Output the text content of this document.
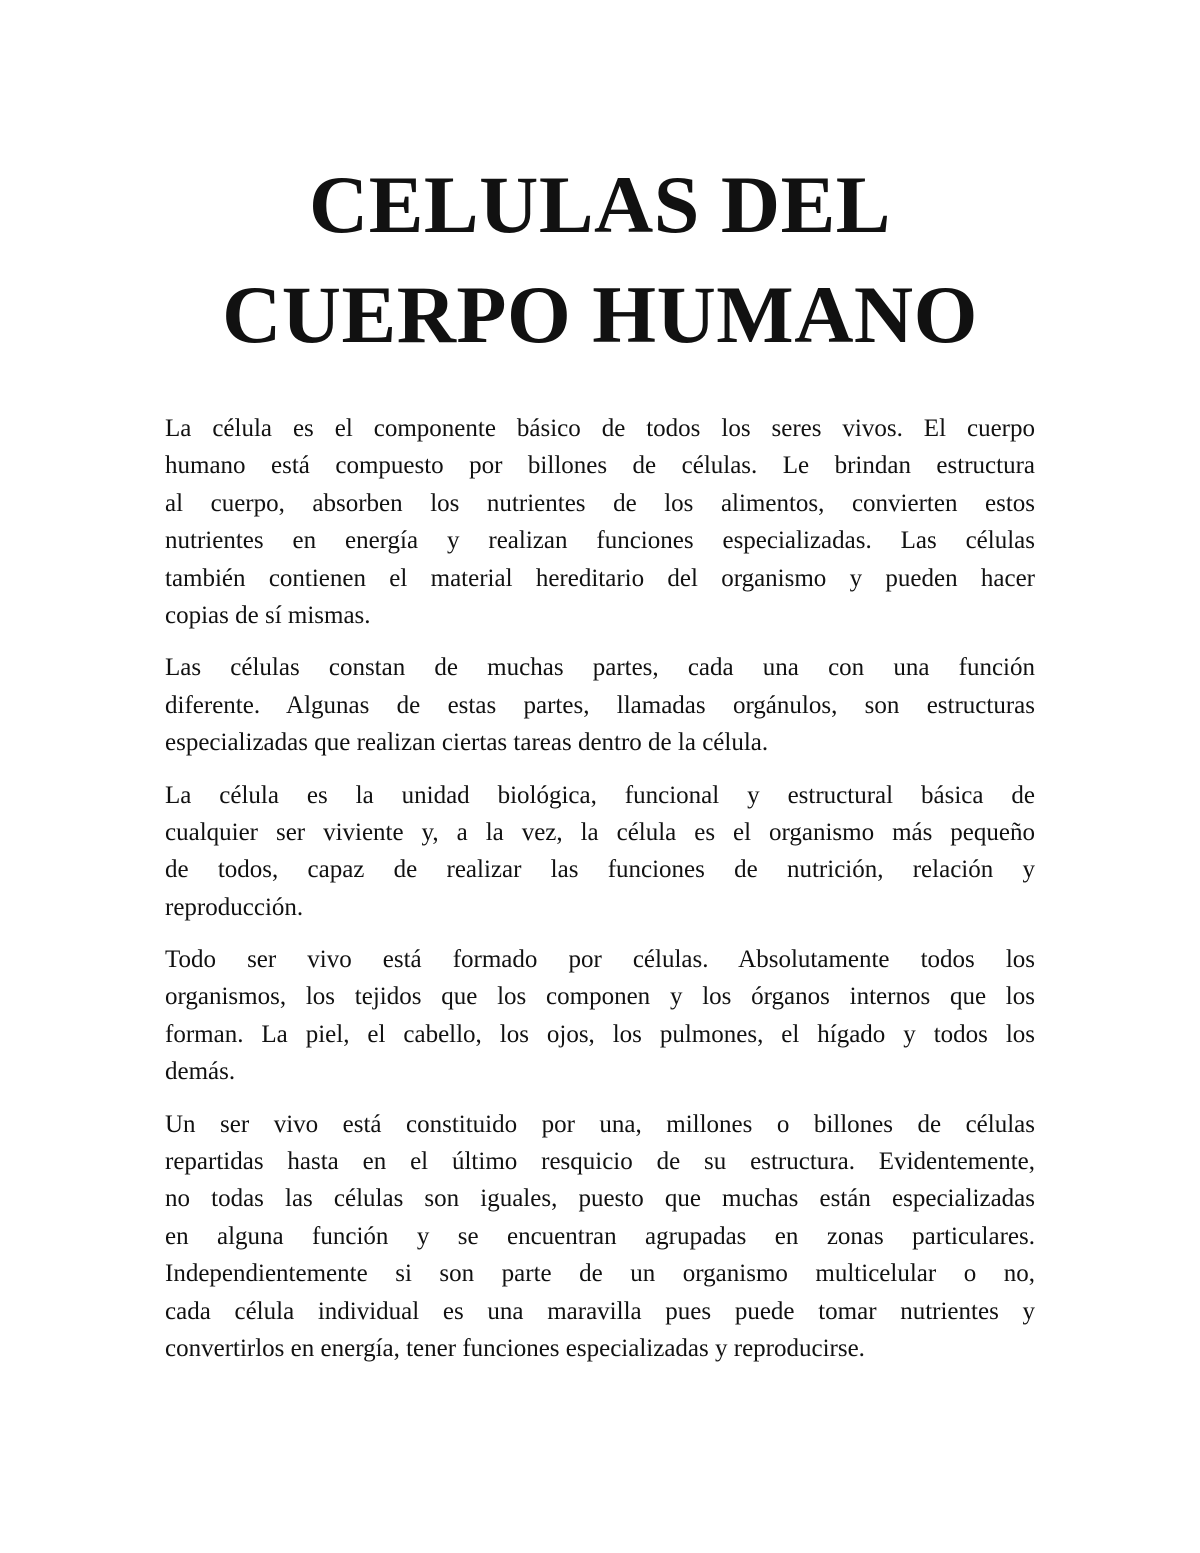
CELULAS DEL
CUERPO HUMANO

La célula es el componente básico de todos los seres vivos. El cuerpo
humano está compuesto por billones de células. Le brindan estructura
al cuerpo, absorben los nutrientes de los alimentos, convierten estos
nutrientes en energía y realizan funciones especializadas. Las células
también contienen el material hereditario del organismo y pueden hacer
copias de sí mismas.

Las células constan de muchas partes, cada una con una función
diferente. Algunas de estas partes, llamadas orgánulos, son estructuras
especializadas que realizan ciertas tareas dentro de la célula.

La célula es la unidad biológica, funcional y estructural básica de
cualquier ser viviente y, a la vez, la célula es el organismo más pequeño
de todos, capaz de realizar las funciones de nutrición, relación y
reproducción.

Todo ser vivo está formado por células. Absolutamente todos los
organismos, los tejidos que los componen y los órganos internos que los
forman. La piel, el cabello, los ojos, los pulmones, el hígado y todos los
demás.

Un ser vivo está constituido por una, millones o billones de células
repartidas hasta en el último resquicio de su estructura. Evidentemente,
no todas las células son iguales, puesto que muchas están especializadas
en alguna función y se encuentran agrupadas en zonas particulares.
Independientemente si son parte de un organismo multicelular o no,
cada célula individual es una maravilla pues puede tomar nutrientes y
convertirlos en energía, tener funciones especializadas y reproducirse.
